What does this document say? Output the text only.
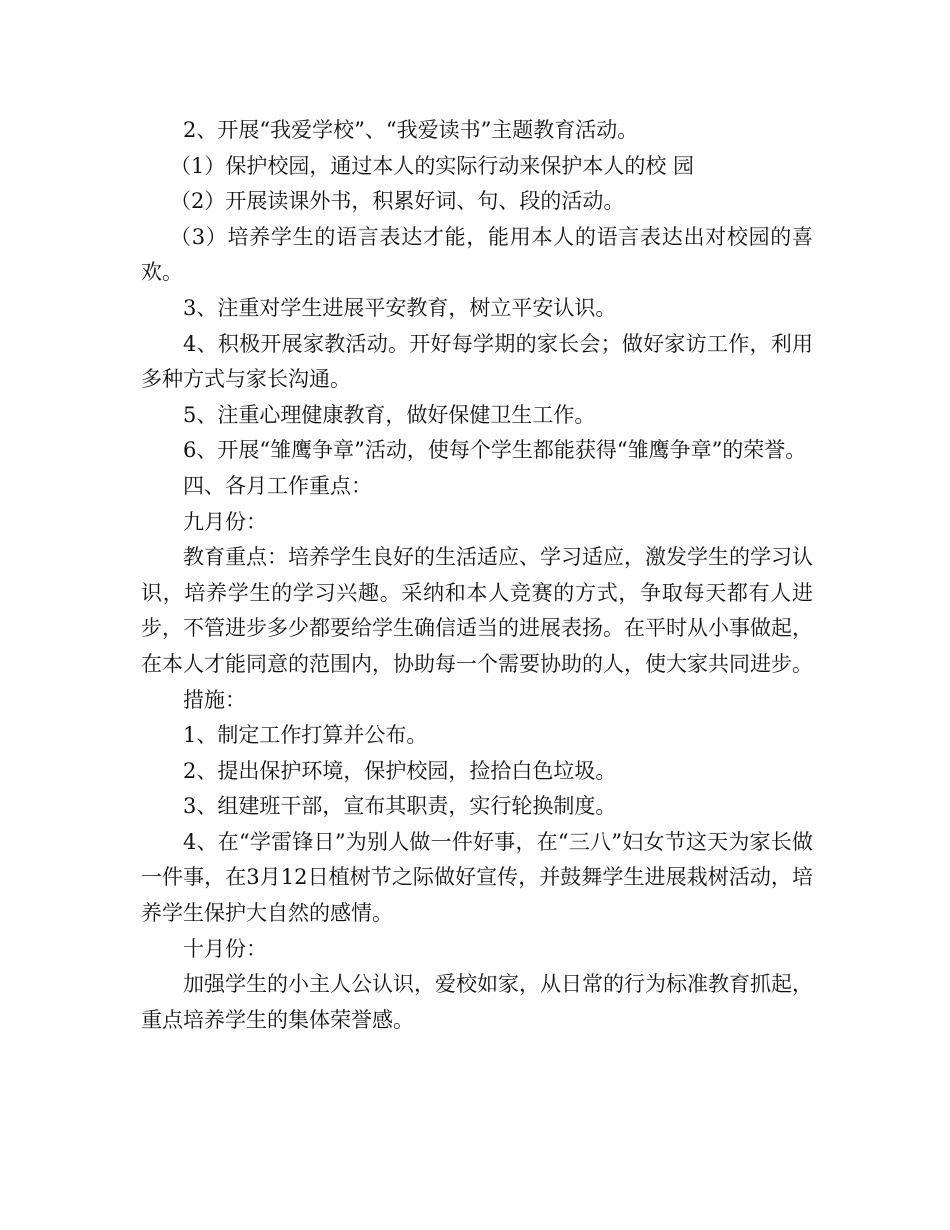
2、开展“我爱学校”、“我爱读书”主题教育活动。

（1）保护校园，通过本人的实际行动来保护本人的校 园

（2）开展读课外书，积累好词、句、段的活动。

（3）培养学生的语言表达才能，能用本人的语言表达出对校园的喜欢。

3、注重对学生进展平安教育，树立平安认识。

4、积极开展家教活动。开好每学期的家长会；做好家访工作，利用多种方式与家长沟通。

5、注重心理健康教育，做好保健卫生工作。

6、开展“雏鹰争章”活动，使每个学生都能获得“雏鹰争章”的荣誉。

四、各月工作重点：

九月份：

教育重点：培养学生良好的生活适应、学习适应，激发学生的学习认识，培养学生的学习兴趣。采纳和本人竞赛的方式，争取每天都有人进步，不管进步多少都要给学生确信适当的进展表扬。在平时从小事做起，在本人才能同意的范围内，协助每一个需要协助的人，使大家共同进步。

措施：

1、制定工作打算并公布。

2、提出保护环境，保护校园，捡拾白色垃圾。

3、组建班干部，宣布其职责，实行轮换制度。

4、在“学雷锋日”为别人做一件好事，在“三八”妇女节这天为家长做一件事，在3月12日植树节之际做好宣传，并鼓舞学生进展栽树活动，培养学生保护大自然的感情。

十月份：

加强学生的小主人公认识，爱校如家，从日常的行为标准教育抓起，重点培养学生的集体荣誉感。
